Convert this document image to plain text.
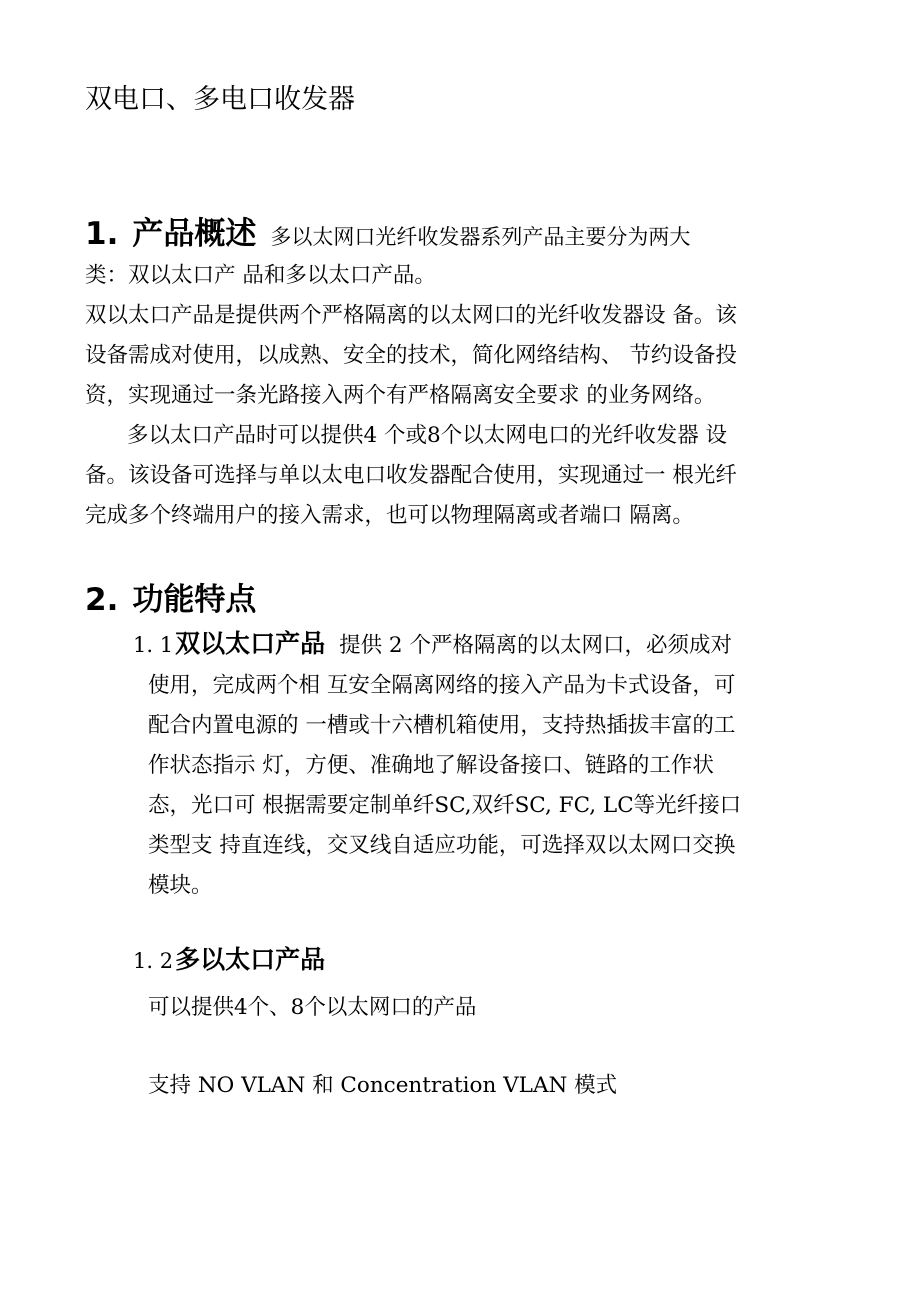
双电口、多电口收发器
1. 产品概述 多以太网口光纤收发器系列产品主要分为两大
类：双以太口产 品和多以太口产品。
双以太口产品是提供两个严格隔离的以太网口的光纤收发器设 备。该
设备需成对使用，以成熟、安全的技术，简化网络结构、 节约设备投
资，实现通过一条光路接入两个有严格隔离安全要求 的业务网络。
多以太口产品时可以提供4 个或8个以太网电口的光纤收发器 设
备。该设备可选择与单以太电口收发器配合使用，实现通过一 根光纤
完成多个终端用户的接入需求，也可以物理隔离或者端口 隔离。
2. 功能特点
1. 1双以太口产品 提供 2 个严格隔离的以太网口，必须成对
使用，完成两个相 互安全隔离网络的接入产品为卡式设备，可
配合内置电源的 一槽或十六槽机箱使用，支持热插拔丰富的工
作状态指示 灯，方便、准确地了解设备接口、链路的工作状
态，光口可 根据需要定制单纤SC,双纤SC, FC, LC等光纤接口
类型支 持直连线，交叉线自适应功能，可选择双以太网口交换
模块。
1. 2多以太口产品
可以提供4个、8个以太网口的产品
支持 NO VLAN 和 Concentration VLAN 模式
